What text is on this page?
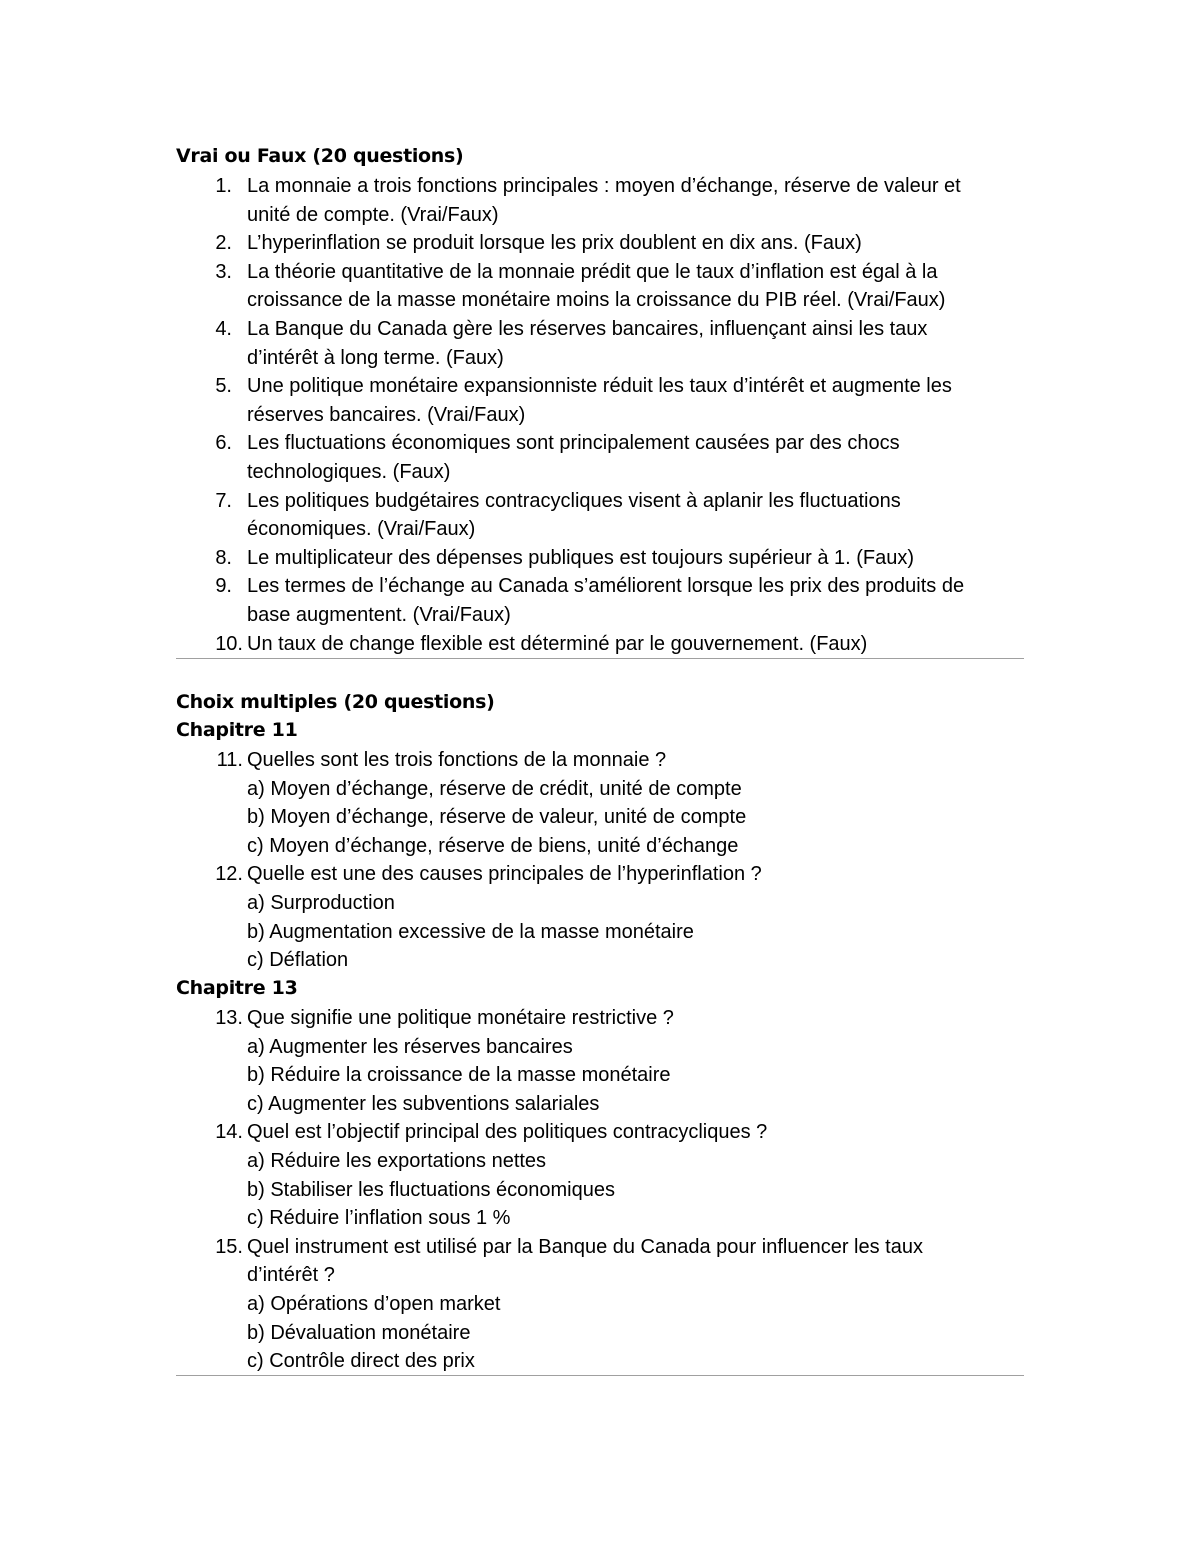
Vrai ou Faux (20 questions)
1. La monnaie a trois fonctions principales : moyen d’échange, réserve de valeur et
unité de compte. (Vrai/Faux)
2. L’hyperinflation se produit lorsque les prix doublent en dix ans. (Faux)
3. La théorie quantitative de la monnaie prédit que le taux d’inflation est égal à la
croissance de la masse monétaire moins la croissance du PIB réel. (Vrai/Faux)
4. La Banque du Canada gère les réserves bancaires, influençant ainsi les taux
d’intérêt à long terme. (Faux)
5. Une politique monétaire expansionniste réduit les taux d’intérêt et augmente les
réserves bancaires. (Vrai/Faux)
6. Les fluctuations économiques sont principalement causées par des chocs
technologiques. (Faux)
7. Les politiques budgétaires contracycliques visent à aplanir les fluctuations
économiques. (Vrai/Faux)
8. Le multiplicateur des dépenses publiques est toujours supérieur à 1. (Faux)
9. Les termes de l’échange au Canada s’améliorent lorsque les prix des produits de
base augmentent. (Vrai/Faux)
10. Un taux de change flexible est déterminé par le gouvernement. (Faux)
Choix multiples (20 questions)
Chapitre 11
11. Quelles sont les trois fonctions de la monnaie ?
a) Moyen d’échange, réserve de crédit, unité de compte
b) Moyen d’échange, réserve de valeur, unité de compte
c) Moyen d’échange, réserve de biens, unité d’échange
12. Quelle est une des causes principales de l’hyperinflation ?
a) Surproduction
b) Augmentation excessive de la masse monétaire
c) Déflation
Chapitre 13
13. Que signifie une politique monétaire restrictive ?
a) Augmenter les réserves bancaires
b) Réduire la croissance de la masse monétaire
c) Augmenter les subventions salariales
14. Quel est l’objectif principal des politiques contracycliques ?
a) Réduire les exportations nettes
b) Stabiliser les fluctuations économiques
c) Réduire l’inflation sous 1 %
15. Quel instrument est utilisé par la Banque du Canada pour influencer les taux
d’intérêt ?
a) Opérations d’open market
b) Dévaluation monétaire
c) Contrôle direct des prix
